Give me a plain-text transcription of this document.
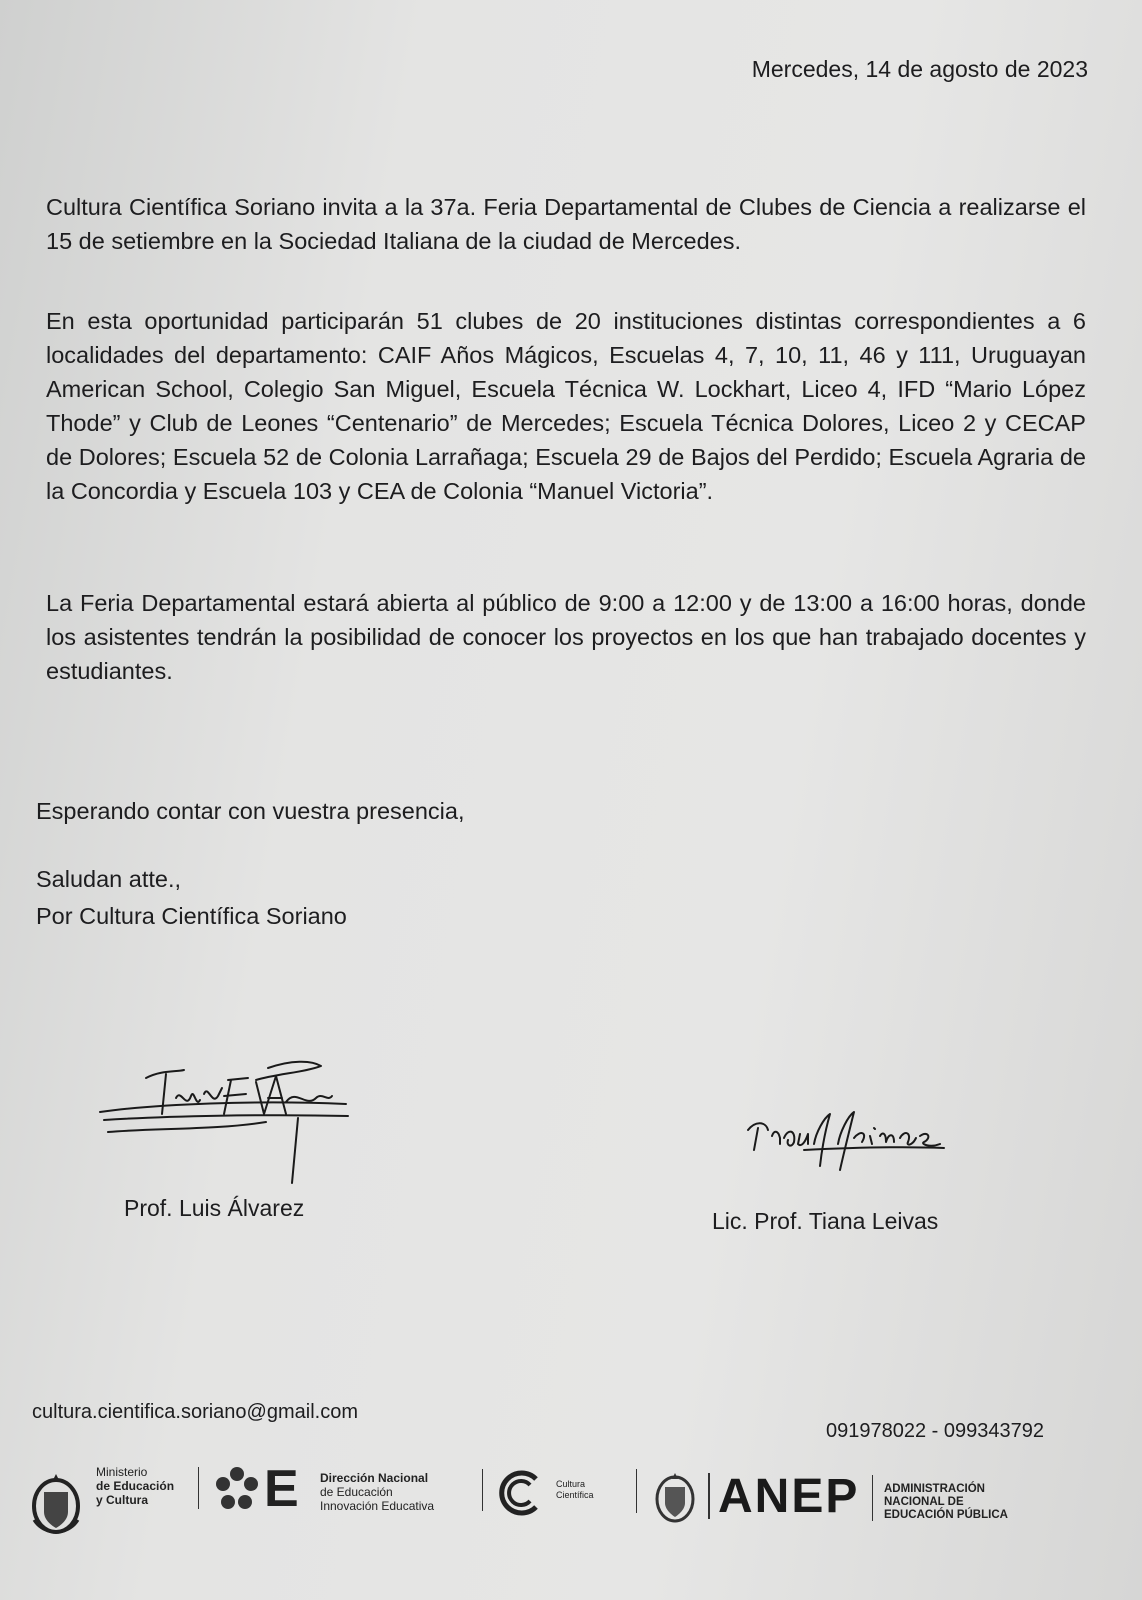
Mercedes, 14 de agosto de 2023
Cultura Científica Soriano invita a la 37a. Feria Departamental de Clubes de Ciencia a realizarse el 15 de setiembre en la Sociedad Italiana de la ciudad de Mercedes.
En esta oportunidad participarán 51 clubes de 20 instituciones distintas correspondientes a 6 localidades del departamento: CAIF Años Mágicos, Escuelas 4, 7, 10, 11, 46 y 111, Uruguayan American School, Colegio San Miguel, Escuela Técnica W. Lockhart, Liceo 4, IFD “Mario López Thode” y Club de Leones “Centenario” de Mercedes; Escuela Técnica Dolores, Liceo 2 y CECAP de Dolores; Escuela 52 de Colonia Larrañaga; Escuela 29 de Bajos del Perdido; Escuela Agraria de la Concordia y Escuela 103 y CEA de Colonia “Manuel Victoria”.
La Feria Departamental estará abierta al público de 9:00 a 12:00 y de 13:00 a 16:00 horas, donde los asistentes tendrán la posibilidad de conocer los proyectos en los que han trabajado docentes y estudiantes.
Esperando contar con vuestra presencia,
Saludan atte.,
Por Cultura Científica Soriano
Prof. Luis Álvarez	Lic. Prof. Tiana Leivas
cultura.cientifica.soriano@gmail.com
091978022 - 099343792
Ministerio
de Educación
y Cultura	E Dirección Nacional
de Educación
Innovación Educativa
Cultura
Científica	ANEP ADMINISTRACIÓN
NACIONAL DE
EDUCACIÓN PÚBLICA
